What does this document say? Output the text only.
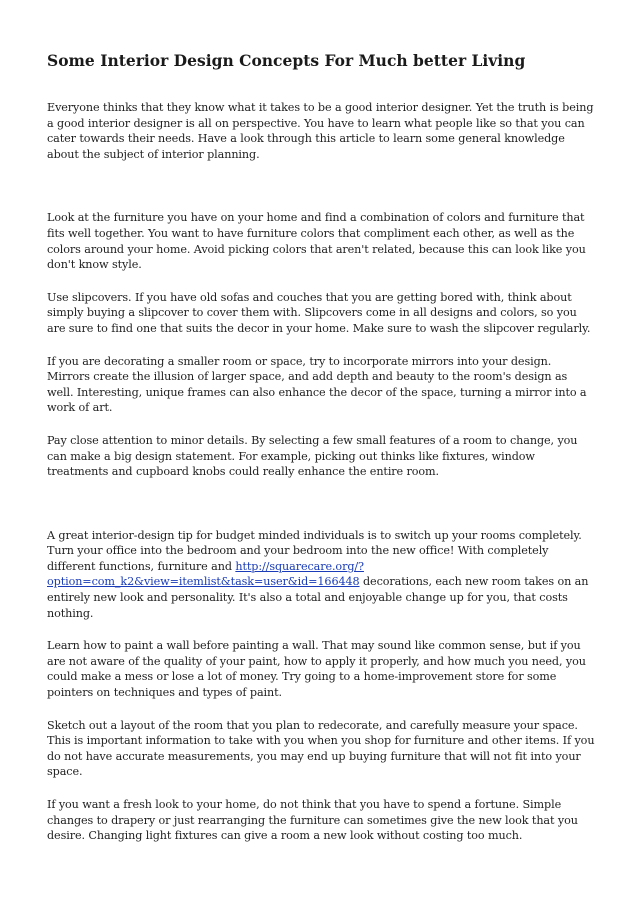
Some Interior Design Concepts For Much better Living

Everyone thinks that they know what it takes to be a good interior designer. Yet the truth is being a good interior designer is all on perspective. You have to learn what people like so that you can cater towards their needs. Have a look through this article to learn some general knowledge about the subject of interior planning.

Look at the furniture you have on your home and find a combination of colors and furniture that fits well together. You want to have furniture colors that compliment each other, as well as the colors around your home. Avoid picking colors that aren't related, because this can look like you don't know style.

Use slipcovers. If you have old sofas and couches that you are getting bored with, think about simply buying a slipcover to cover them with. Slipcovers come in all designs and colors, so you are sure to find one that suits the decor in your home. Make sure to wash the slipcover regularly.

If you are decorating a smaller room or space, try to incorporate mirrors into your design. Mirrors create the illusion of larger space, and add depth and beauty to the room's design as well. Interesting, unique frames can also enhance the decor of the space, turning a mirror into a work of art.

Pay close attention to minor details. By selecting a few small features of a room to change, you can make a big design statement. For example, picking out thinks like fixtures, window treatments and cupboard knobs could really enhance the entire room.

A great interior-design tip for budget minded individuals is to switch up your rooms completely. Turn your office into the bedroom and your bedroom into the new office! With completely different functions, furniture and http://squarecare.org/?option=com_k2&view=itemlist&task=user&id=166448 decorations, each new room takes on an entirely new look and personality. It's also a total and enjoyable change up for you, that costs nothing.

Learn how to paint a wall before painting a wall. That may sound like common sense, but if you are not aware of the quality of your paint, how to apply it properly, and how much you need, you could make a mess or lose a lot of money. Try going to a home-improvement store for some pointers on techniques and types of paint.

Sketch out a layout of the room that you plan to redecorate, and carefully measure your space. This is important information to take with you when you shop for furniture and other items. If you do not have accurate measurements, you may end up buying furniture that will not fit into your space.

If you want a fresh look to your home, do not think that you have to spend a fortune. Simple changes to drapery or just rearranging the furniture can sometimes give the new look that you desire. Changing light fixtures can give a room a new look without costing too much.
